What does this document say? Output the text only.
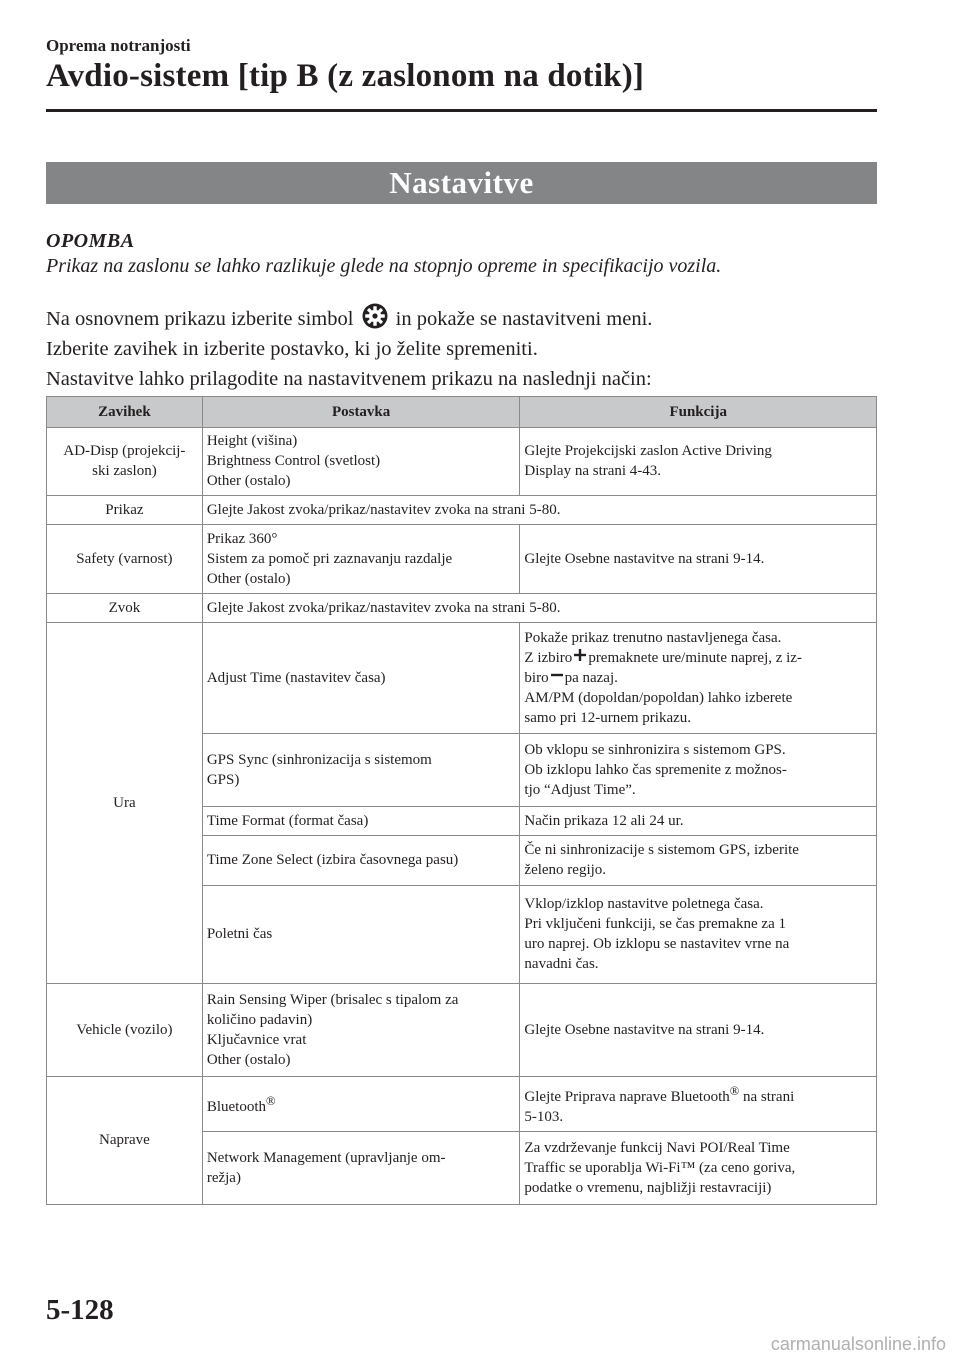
Oprema notranjosti
Avdio-sistem [tip B (z zaslonom na dotik)]
Nastavitve
OPOMBA
Prikaz na zaslonu se lahko razlikuje glede na stopnjo opreme in specifikacijo vozila.

Na osnovnem prikazu izberite simbol in pokaže se nastavitveni meni.

Izberite zavihek in izberite postavko, ki jo želite spremeniti.

Nastavitve lahko prilagodite na nastavitvenem prikazu na naslednji način:

Zavihek	Postavka	Funkcija

AD-Disp (projekcij-
ski zaslon)	Height (višina)
Brightness Control (svetlost)
Other (ostalo)	Glejte Projekcijski zaslon Active Driving
Display na strani 4-43.

Prikaz	Glejte Jakost zvoka/prikaz/nastavitev zvoka na strani 5-80.	
Safety (varnost)	Prikaz 360°
Sistem za pomoč pri zaznavanju razdalje
Other (ostalo)	Glejte Osebne nastavitve na strani 9-14.
Zvok	Glejte Jakost zvoka/prikaz/nastavitev zvoka na strani 5-80.	
Ura	Adjust Time (nastavitev časa)	Pokaže prikaz trenutno nastavljenega časa.
Z izbiro premaknete ure/minute naprej, z iz-
biro pa nazaj.
AM/PM (dopoldan/popoldan) lahko izberete
samo pri 12-urnem prikazu.

	GPS Sync (sinhronizacija s sistemom
GPS)	Ob vklopu se sinhronizira s sistemom GPS.
Ob izklopu lahko čas spremenite z možnos-
tjo “Adjust Time”.

	Time Format (format časa)	Način prikaza 12 ali 24 ur.
	Time Zone Select (izbira časovnega pasu)	Če ni sinhronizacije s sistemom GPS, izberite
želeno regijo.

	Poletni čas	Vklop/izklop nastavitve poletnega časa.
Pri vključeni funkciji, se čas premakne za 1
uro naprej. Ob izklopu se nastavitev vrne na
navadni čas.

Vehicle (vozilo)	Rain Sensing Wiper (brisalec s tipalom za
količino padavin)
Ključavnice vrat
Other (ostalo)	Glejte Osebne nastavitve na strani 9-14.
Naprave	Bluetooth®	Glejte Priprava naprave Bluetooth® na strani
5-103.

	Network Management (upravljanje om-
režja)	Za vzdrževanje funkcij Navi POI/Real Time
Traffic se uporablja Wi-Fi™ (za ceno goriva,
podatke o vremenu, najbližji restavraciji)
5-128
carmanualsonline.info
